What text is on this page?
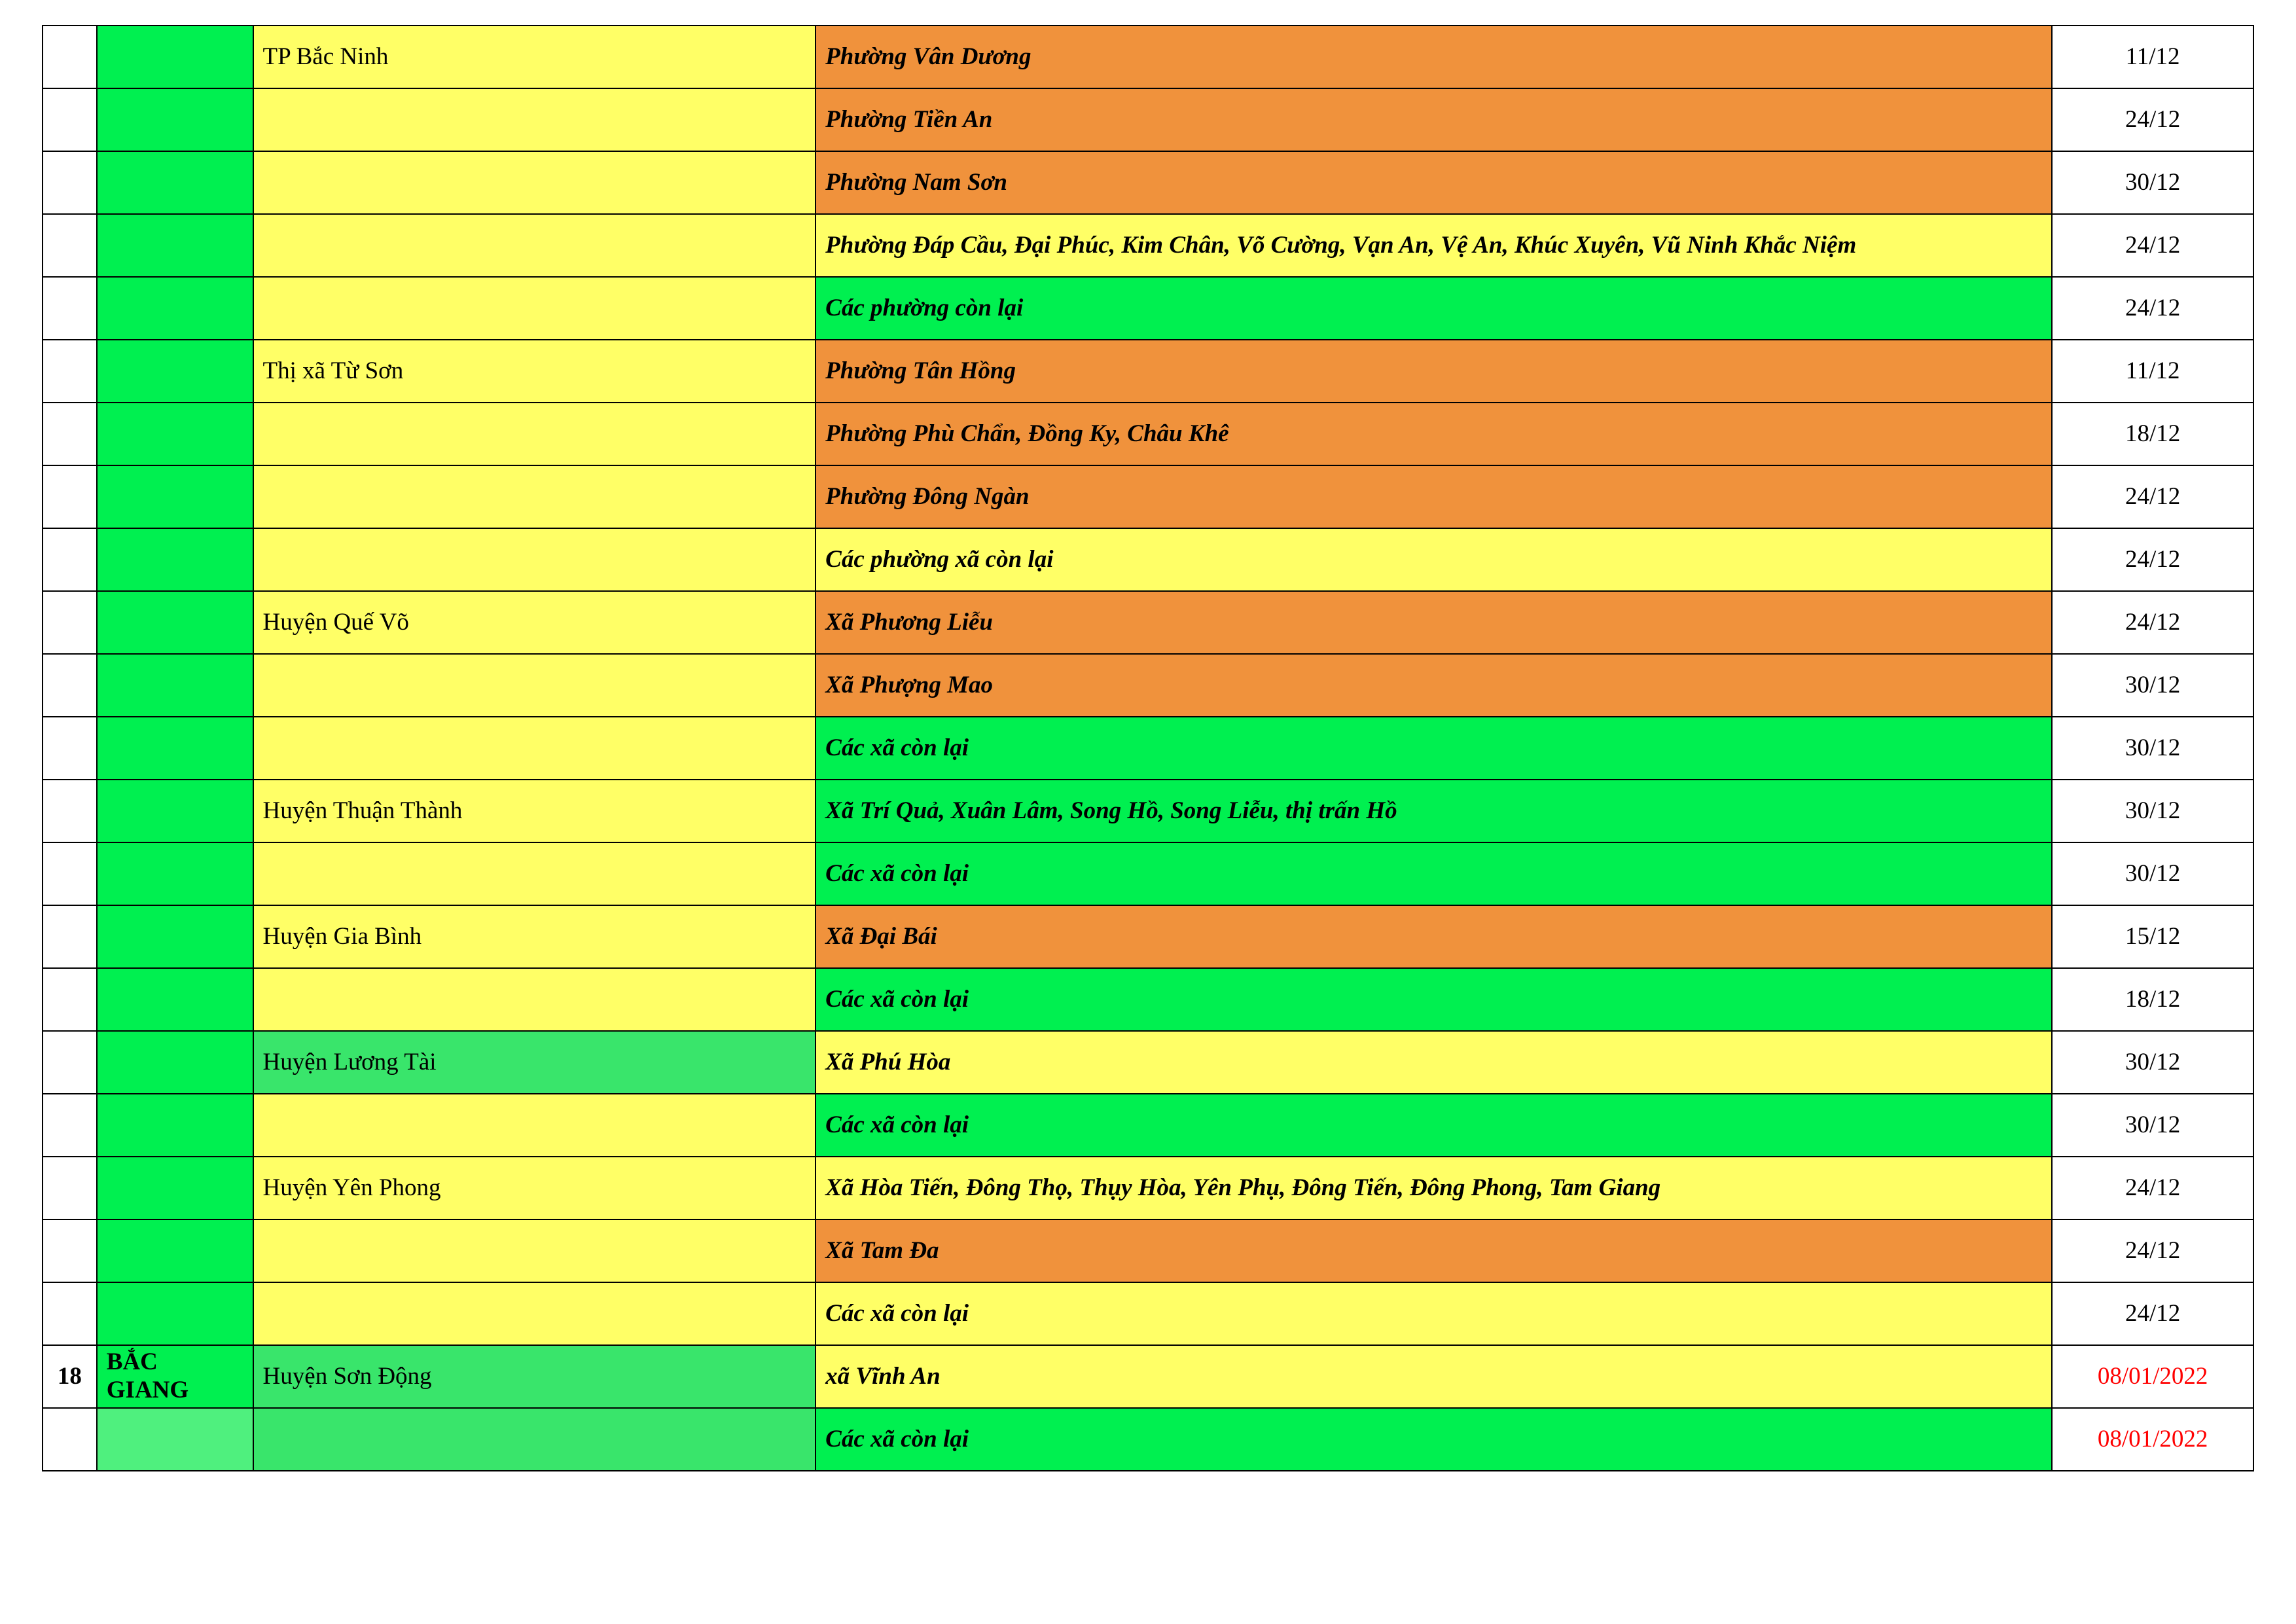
		TP Bắc Ninh	Phường Vân Dương	11/12
			Phường Tiền An	24/12
			Phường Nam Sơn	30/12
			Phường Đáp Cầu, Đại Phúc, Kim Chân, Võ Cường, Vạn An, Vệ An, Khúc Xuyên, Vũ Ninh Khắc Niệm	24/12
			Các phường còn lại	24/12
		Thị xã Từ Sơn	Phường Tân Hồng	11/12
			Phường Phù Chẩn, Đồng Ky, Châu Khê	18/12
			Phường Đông Ngàn	24/12
			Các phường xã còn lại	24/12
		Huyện Quế Võ	Xã Phương Liễu	24/12
			Xã Phượng Mao	30/12
			Các xã còn lại	30/12
		Huyện Thuận Thành	Xã Trí Quả, Xuân Lâm, Song Hồ, Song Liễu, thị trấn Hồ	30/12
			Các xã còn lại	30/12
		Huyện Gia Bình	Xã Đại Bái	15/12
			Các xã còn lại	18/12
		Huyện Lương Tài	Xã Phú Hòa	30/12
			Các xã còn lại	30/12
		Huyện Yên Phong	Xã Hòa Tiến, Đông Thọ, Thụy Hòa, Yên Phụ, Đông Tiến, Đông Phong, Tam Giang	24/12
			Xã Tam Đa	24/12
			Các xã còn lại	24/12
18	BẮC GIANG	Huyện Sơn Động	xã Vĩnh An	08/01/2022
			Các xã còn lại	08/01/2022
